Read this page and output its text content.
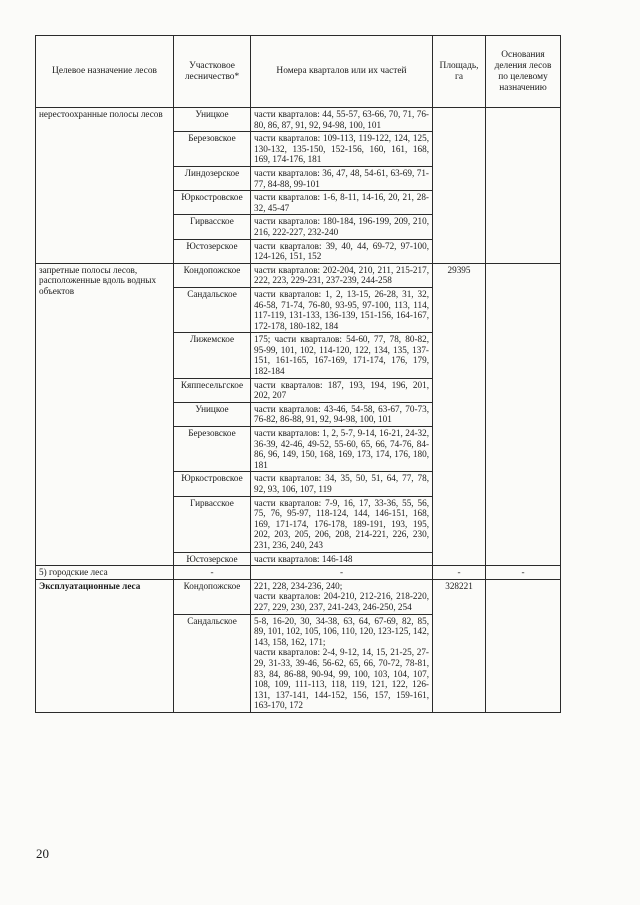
Целевое назначение лесов	Участковое лесничество*	Номера кварталов или их частей	Площадь, га	Основания деления лесов по целевому назначению
нерестоохранные полосы лесов	Уницкое	части кварталов: 44, 55-57, 63-66, 70, 71, 76-80, 86, 87, 91, 92, 94-98, 100, 101		
	Березовское	части кварталов: 109-113, 119-122, 124, 125, 130-132, 135-150, 152-156, 160, 161, 168, 169, 174-176, 181		
	Линдозерское	части кварталов: 36, 47, 48, 54-61, 63-69, 71-77, 84-88, 99-101		
	Юркостровское	части кварталов: 1-6, 8-11, 14-16, 20, 21, 28-32, 45-47		
	Гирвасское	части кварталов: 180-184, 196-199, 209, 210, 216, 222-227, 232-240		
	Юстозерское	части кварталов: 39, 40, 44, 69-72, 97-100, 124-126, 151, 152		
запретные полосы лесов, расположенные вдоль водных объектов	Кондопожское	части кварталов: 202-204, 210, 211, 215-217, 222, 223, 229-231, 237-239, 244-258	29395	
	Сандальское	части кварталов: 1, 2, 13-15, 26-28, 31, 32, 46-58, 71-74, 76-80, 93-95, 97-100, 113, 114, 117-119, 131-133, 136-139, 151-156, 164-167, 172-178, 180-182, 184		
	Лижемское	175; части кварталов: 54-60, 77, 78, 80-82, 95-99, 101, 102, 114-120, 122, 134, 135, 137-151, 161-165, 167-169, 171-174, 176, 179, 182-184		
	Кяппесельгское	части кварталов: 187, 193, 194, 196, 201, 202, 207		
	Уницкое	части кварталов: 43-46, 54-58, 63-67, 70-73, 76-82, 86-88, 91, 92, 94-98, 100, 101		
	Березовское	части кварталов: 1, 2, 5-7, 9-14, 16-21, 24-32, 36-39, 42-46, 49-52, 55-60, 65, 66, 74-76, 84-86, 96, 149, 150, 168, 169, 173, 174, 176, 180, 181		
	Юркостровское	части кварталов: 34, 35, 50, 51, 64, 77, 78, 92, 93, 106, 107, 119		
	Гирвасское	части кварталов: 7-9, 16, 17, 33-36, 55, 56, 75, 76, 95-97, 118-124, 144, 146-151, 168, 169, 171-174, 176-178, 189-191, 193, 195, 202, 203, 205, 206, 208, 214-221, 226, 230, 231, 236, 240, 243		
	Юстозерское	части кварталов: 146-148		
5) городские леса	-	-	-	-
Эксплуатационные леса	Кондопожское	221, 228, 234-236, 240;
части кварталов: 204-210, 212-216, 218-220, 227, 229, 230, 237, 241-243, 246-250, 254	328221	
	Сандальское	5-8, 16-20, 30, 34-38, 63, 64, 67-69, 82, 85, 89, 101, 102, 105, 106, 110, 120, 123-125, 142, 143, 158, 162, 171;
части кварталов: 2-4, 9-12, 14, 15, 21-25, 27-29, 31-33, 39-46, 56-62, 65, 66, 70-72, 78-81, 83, 84, 86-88, 90-94, 99, 100, 103, 104, 107, 108, 109, 111-113, 118, 119, 121, 122, 126-131, 137-141, 144-152, 156, 157, 159-161, 163-170, 172		
20
